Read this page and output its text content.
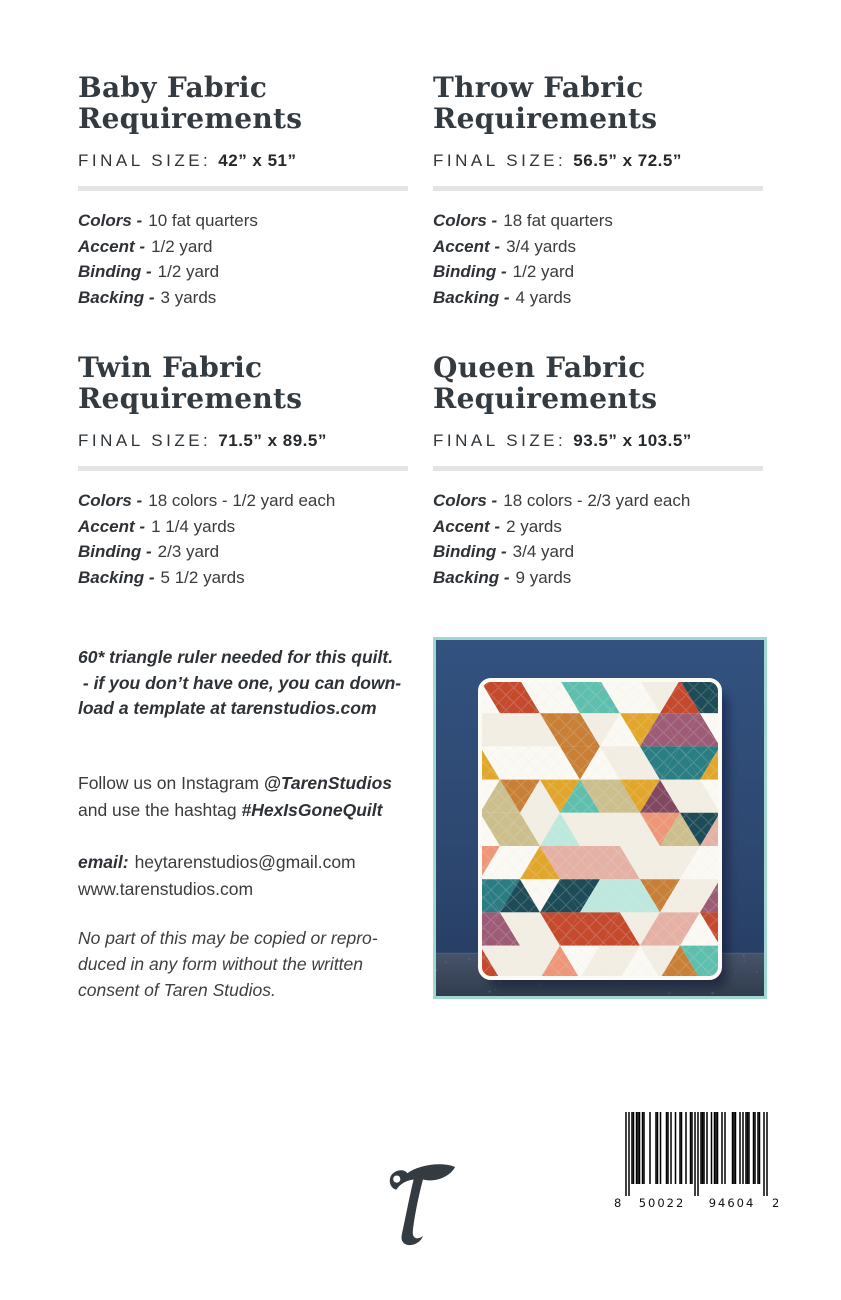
Baby Fabric
Requirements
FINAL SIZE: 42” x 51”
Colors - 10 fat quarters
Accent - 1/2 yard
Binding - 1/2 yard
Backing - 3 yards
Throw Fabric
Requirements
FINAL SIZE: 56.5” x 72.5”
Colors - 18 fat quarters
Accent - 3/4 yards
Binding - 1/2 yard
Backing - 4 yards
Twin Fabric
Requirements
FINAL SIZE: 71.5” x 89.5”
Colors - 18 colors - 1/2 yard each
Accent - 1 1/4 yards
Binding - 2/3 yard
Backing - 5 1/2 yards
Queen Fabric
Requirements
FINAL SIZE: 93.5” x 103.5”
Colors - 18 colors - 2/3 yard each
Accent - 2 yards
Binding - 3/4 yard
Backing - 9 yards
60* triangle ruler needed for this quilt.
- if you don’t have one, you can down-
load a template at tarenstudios.com
Follow us on Instagram @TarenStudios
and use the hashtag #HexIsGoneQuilt
email: heytarenstudios@gmail.com
www.tarenstudios.com
No part of this may be copied or repro-
duced in any form without the written
consent of Taren Studios.
8	50022	94604	2
